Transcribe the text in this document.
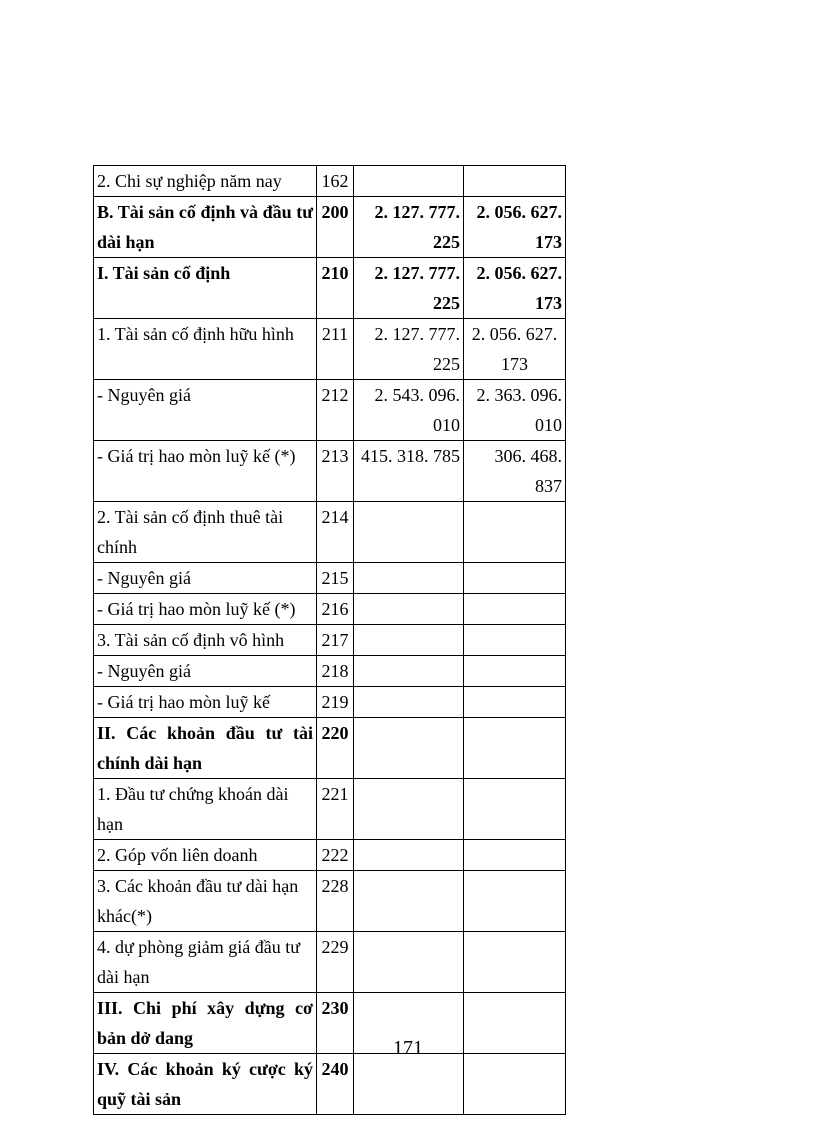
2. Chi sự nghiệp năm nay	162		
B. Tài sản cố định và đầu tư dài hạn	200	2. 127. 777. 225	2. 056. 627. 173
I. Tài sản cố định	210	2. 127. 777. 225	2. 056. 627. 173
1. Tài sản cố định hữu hình	211	2. 127. 777. 225	2. 056. 627. 173
- Nguyên giá	212	2. 543. 096. 010	2. 363. 096. 010
- Giá trị hao mòn luỹ kế (*)	213	415. 318. 785	306. 468. 837
2. Tài sản cố định thuê tài chính	214		
- Nguyên giá	215		
- Giá trị hao mòn luỹ kế (*)	216		
3. Tài sản cố định vô hình	217		
- Nguyên giá	218		
- Giá trị hao mòn luỹ kế	219		
II. Các khoản đầu tư tài chính dài hạn	220		
1. Đầu tư chứng khoán dài hạn	221		
2. Góp vốn liên doanh	222		
3. Các khoản đầu tư dài hạn khác(*)	228		
4. dự phòng giảm giá đầu tư dài hạn	229		
III. Chi phí xây dựng cơ bản dở dang	230		
IV. Các khoản ký cược ký quỹ tài sản	240		
171
